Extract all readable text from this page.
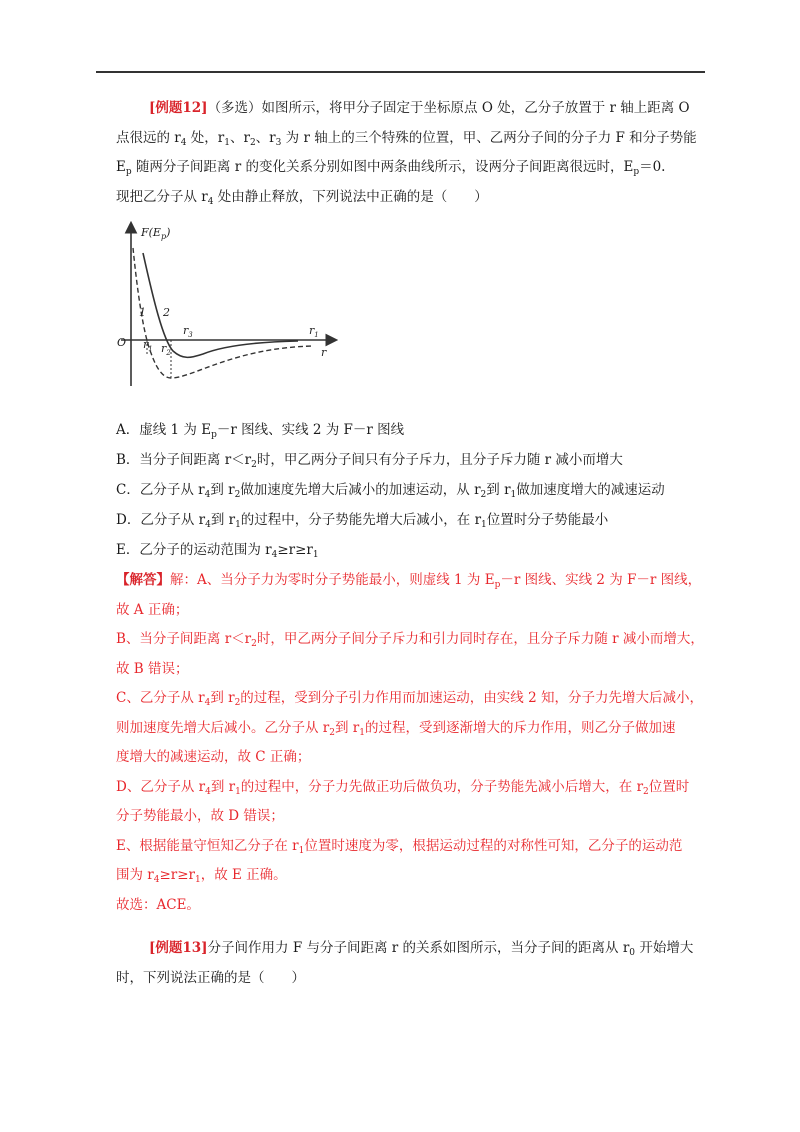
[例题12]（多选）如图所示，将甲分子固定于坐标原点 O 处，乙分子放置于 r 轴上距离 O
点很远的 $r_4$ 处，$r_1$、$r_2$、$r_3$ 为 r 轴上的三个特殊的位置，甲、乙两分子间的分子力 F 和分子势能
$E_p$ 随两分子间距离 r 的变化关系分别如图中两条曲线所示，设两分子间距离很远时，$E_p=0$.
现把乙分子从 $r_4$ 处由静止释放，下列说法中正确的是（　　）

$F(E_p)$
O
r
1 2
$r_1$ $r_2$
$r_3$	$r_1$
A．虚线 1 为 $E_p-r$ 图线、实线 2 为 F－r 图线
B．当分子间距离 $r<r_2$时，甲乙两分子间只有分子斥力，且分子斥力随 r 减小而增大
C．乙分子从 $r_4$到 $r_2$做加速度先增大后减小的加速运动，从 $r_2$到 $r_1$做加速度增大的减速运动
D．乙分子从 $r_4$到 $r_1$的过程中，分子势能先增大后减小，在 $r_1$位置时分子势能最小
E．乙分子的运动范围为 $r_4\ge r\ge r_1$

【解答】解：A、当分子力为零时分子势能最小，则虚线 1 为 $E_p-r$ 图线、实线 2 为 F－r 图线，
故 A 正确；
B、当分子间距离 $r<r_2$时，甲乙两分子间分子斥力和引力同时存在，且分子斥力随 r 减小而增大，
故 B 错误；
C、乙分子从 $r_4$到 $r_2$的过程，受到分子引力作用而加速运动，由实线 2 知，分子力先增大后减小，
则加速度先增大后减小。乙分子从 $r_2$到 $r_1$的过程，受到逐渐增大的斥力作用，则乙分子做加速
度增大的减速运动，故 C 正确；
D、乙分子从 $r_4$到 $r_1$的过程中，分子力先做正功后做负功，分子势能先减小后增大，在 $r_2$位置时
分子势能最小，故 D 错误；
E、根据能量守恒知乙分子在 $r_1$位置时速度为零，根据运动过程的对称性可知，乙分子的运动范
围为 $r_4\ge r\ge r_1$，故 E 正确。
故选：ACE。

[例题13]分子间作用力 F 与分子间距离 r 的关系如图所示，当分子间的距离从 $r_0$ 开始增大
时，下列说法正确的是（　　）
